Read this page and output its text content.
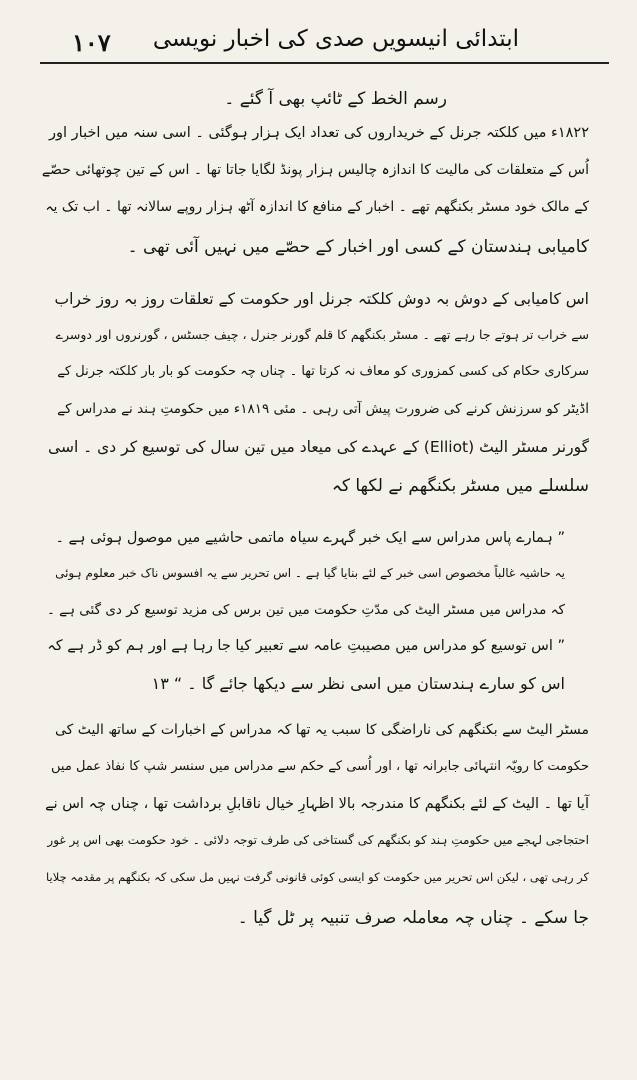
۱۰۷ ابتدائی انیسویں صدی کی اخبار نویسی
رسم الخط کے ٹائپ بھی آ گئے ۔
۱۸۲۲ء میں کلکتہ جرنل کے خریداروں کی تعداد ایک ہزار ہوگئی ۔ اسی سنہ میں اخبار اور
اُس کے متعلقات کی مالیت کا اندازہ چالیس ہزار پونڈ لگایا جاتا تھا ۔ اس کے تین چوتھائی حصّے
کے مالک خود مسٹر بکنگھم تھے ۔ اخبار کے منافع کا اندازہ آٹھ ہزار روپے سالانہ تھا ۔ اب تک یہ
کامیابی ہندستان کے کسی اور اخبار کے حصّے میں نہیں آئی تھی ۔
اس کامیابی کے دوش بہ دوش کلکتہ جرنل اور حکومت کے تعلقات روز بہ روز خراب
سے خراب تر ہوتے جا رہے تھے ۔ مسٹر بکنگھم کا قلم گورنر جنرل ، چیف جسٹس ، گورنروں اور دوسرے
سرکاری حکام کی کسی کمزوری کو معاف نہ کرتا تھا ۔ چناں چہ حکومت کو بار بار کلکتہ جرنل کے
اڈیٹر کو سرزنش کرنے کی ضرورت پیش آتی رہی ۔ مئی ۱۸۱۹ء میں حکومتِ ہند نے مدراس کے
گورنر مسٹر الیٹ (Elliot) کے عہدے کی میعاد میں تین سال کی توسیع کر دی ۔ اسی
سلسلے میں مسٹر بکنگھم نے لکھا کہ
” ہمارے پاس مدراس سے ایک خبر گہرے سیاہ ماتمی حاشیے میں موصول ہوئی ہے ۔
یہ حاشیہ غالباً مخصوص اسی خبر کے لئے بنایا گیا ہے ۔ اس تحریر سے یہ افسوس ناک خبر معلوم ہوئی
کہ مدراس میں مسٹر الیٹ کی مدّتِ حکومت میں تین برس کی مزید توسیع کر دی گئی ہے ۔
” اس توسیع کو مدراس میں مصیبتِ عامہ سے تعبیر کیا جا رہا ہے اور ہم کو ڈر ہے کہ
اس کو سارے ہندستان میں اسی نظر سے دیکھا جائے گا ۔ “ ۱۳
مسٹر الیٹ سے بکنگھم کی ناراضگی کا سبب یہ تھا کہ مدراس کے اخبارات کے ساتھ الیٹ کی
حکومت کا رویّہ انتہائی جابرانہ تھا ، اور اُسی کے حکم سے مدراس میں سنسر شپ کا نفاذ عمل میں
آیا تھا ۔ الیٹ کے لئے بکنگھم کا مندرجہ بالا اظہارِ خیال ناقابلِ برداشت تھا ، چناں چہ اس نے
احتجاجی لہجے میں حکومتِ ہند کو بکنگھم کی گستاخی کی طرف توجہ دلائی ۔ خود حکومت بھی اس پر غور
کر رہی تھی ، لیکن اس تحریر میں حکومت کو ایسی کوئی قانونی گرفت نہیں مل سکی کہ بکنگھم پر مقدمہ چلایا
جا سکے ۔ چناں چہ معاملہ صرف تنبیہ پر ٹل گیا ۔
